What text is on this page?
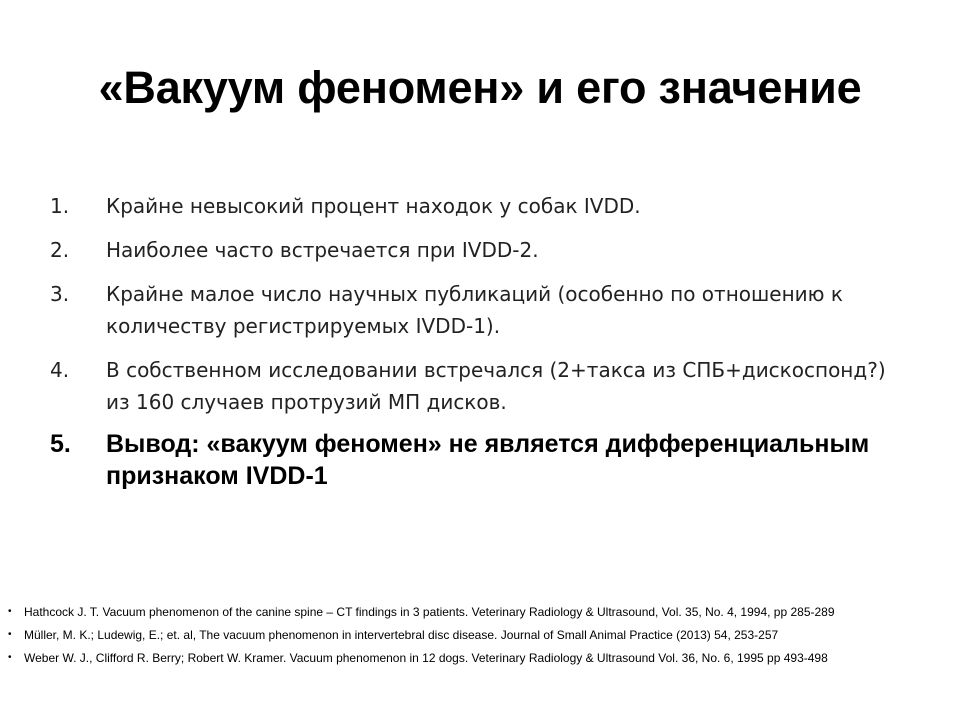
«Вакуум феномен» и его значение
1.	Крайне невысокий процент находок у собак IVDD.
2.	Наиболее часто встречается при IVDD-2.
3.	Крайне малое число научных публикаций (особенно по отношению к количеству регистрируемых IVDD-1).
4.	В собственном исследовании встречался (2+такса из СПБ+дискоспонд?) из 160 случаев протрузий МП дисков.
5.	Вывод: «вакуум феномен» не является дифференциальным признаком IVDD-1
•	Hathcock J. T. Vacuum phenomenon of the canine spine – CT findings in 3 patients. Veterinary Radiology & Ultrasound, Vol. 35, No. 4, 1994, pp 285-289
•	Müller, M. K.; Ludewig, E.; et. al, The vacuum phenomenon in intervertebral disc disease. Journal of Small Animal Practice (2013) 54, 253-257
•	Weber W. J., Clifford R. Berry; Robert W. Kramer. Vacuum phenomenon in 12 dogs. Veterinary Radiology & Ultrasound Vol. 36, No. 6, 1995 pp 493-498
